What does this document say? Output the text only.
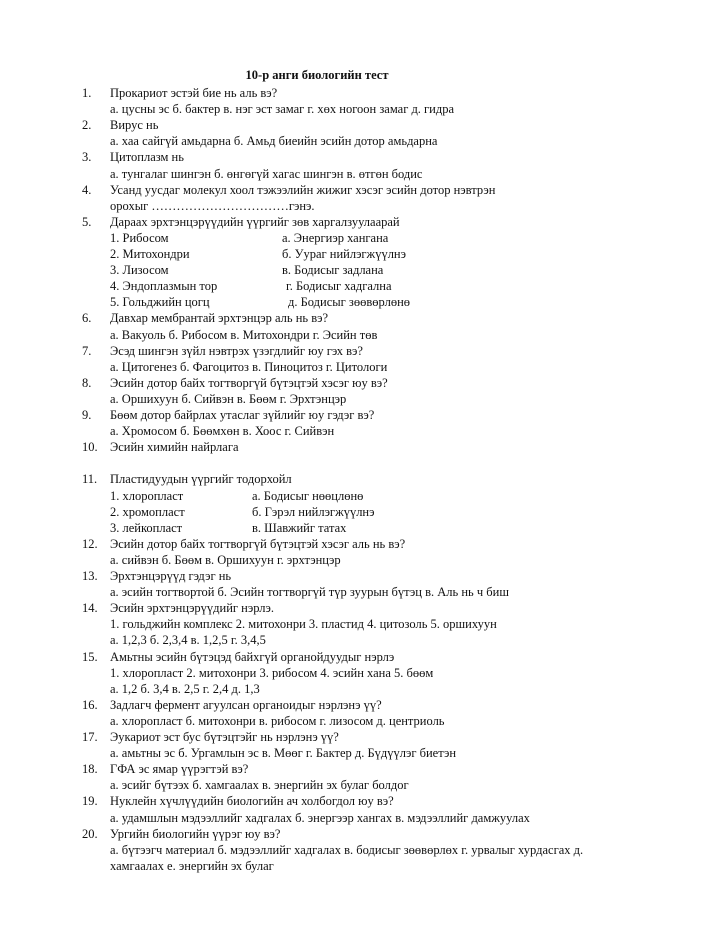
10-р анги биологийн тест
1. Прокариот эстэй бие нь аль вэ?
а. цусны эс б. бактер в. нэг эст замаг г. хөх ногоон замаг д. гидра
2. Вирус нь
а. хаа сайгүй амьдарна б. Амьд биеийн эсийн дотор амьдарна
3. Цитоплазм нь
а. тунгалаг шингэн б. өнгөгүй хагас шингэн в. өтгөн бодис
4. Усанд уусдаг молекул хоол тэжээлийн жижиг хэсэг эсийн дотор нэвтрэн
орохыг ……………………………гэнэ.
5. Дараах эрхтэнцэрүүдийн үүргийг зөв харгалзуулаарай
1. Рибосом	а. Энергиэр хангана
2. Митохондри	б. Уураг нийлэгжүүлнэ
3. Лизосом	в. Бодисыг задлана
4. Эндоплазмын тор	г. Бодисыг хадгална
5. Гольджийн цогц	д. Бодисыг зөөвөрлөнө
6. Давхар мембрантай эрхтэнцэр аль нь вэ?
а. Вакуоль б. Рибосом в. Митохондри г. Эсийн төв
7. Эсэд шингэн зүйл нэвтрэх үзэгдлийг юу гэх вэ?
а. Цитогенез б. Фагоцитоз в. Пиноцитоз г. Цитологи
8. Эсийн дотор байх тогтворгүй бүтэцтэй хэсэг юу вэ?
а. Оршихуун б. Сийвэн в. Бөөм г. Эрхтэнцэр
9. Бөөм дотор байрлах утаслаг зүйлийг юу гэдэг вэ?
а. Хромосом б. Бөөмхөн в. Хоос г. Сийвэн
10. Эсийн химийн найрлага
11. Пластидуудын үүргийг тодорхойл
1. хлоропласт	а. Бодисыг нөөцлөнө
2. хромопласт	б. Гэрэл нийлэгжүүлнэ
3. лейкопласт	в. Шавжийг татах
12. Эсийн дотор байх тогтворгүй бүтэцтэй хэсэг аль нь вэ?
а. сийвэн б. Бөөм в. Оршихуун г. эрхтэнцэр
13. Эрхтэнцэрүүд гэдэг нь
а. эсийн тогтвортой б. Эсийн тогтворгүй түр зуурын бүтэц в. Аль нь ч биш
14. Эсийн эрхтэнцэрүүдийг нэрлэ.
1. гольджийн комплекс 2. митохонри 3. пластид 4. цитозоль 5. оршихуун
а. 1,2,3 б. 2,3,4 в. 1,2,5 г. 3,4,5
15. Амьтны эсийн бүтэцэд байхгүй органойдуудыг нэрлэ
1. хлоропласт 2. митохонри 3. рибосом 4. эсийн хана 5. бөөм
а. 1,2 б. 3,4 в. 2,5 г. 2,4 д. 1,3
16. Задлагч фермент агуулсан органоидыг нэрлэнэ үү?
а. хлоропласт б. митохонри в. рибосом г. лизосом д. центриоль
17. Эукариот эст бус бүтэцтэйг нь нэрлэнэ үү?
а. амьтны эс б. Ургамлын эс в. Мөөг г. Бактер д. Бүдүүлэг биетэн
18. ГФА эс ямар үүрэгтэй вэ?
а. эсийг бүтээх б. хамгаалах в. энергийн эх булаг болдог
19. Нуклейн хүчлүүдийн биологийн ач холбогдол юу вэ?
а. удамшлын мэдээллийг хадгалах б. энергээр хангах в. мэдээллийг дамжуулах
20. Ургийн биологийн үүрэг юу вэ?
а. бүтээгч материал б. мэдээллийг хадгалах в. бодисыг зөөвөрлөх г. урвалыг хурдасгах д.
хамгаалах е. энергийн эх булаг
